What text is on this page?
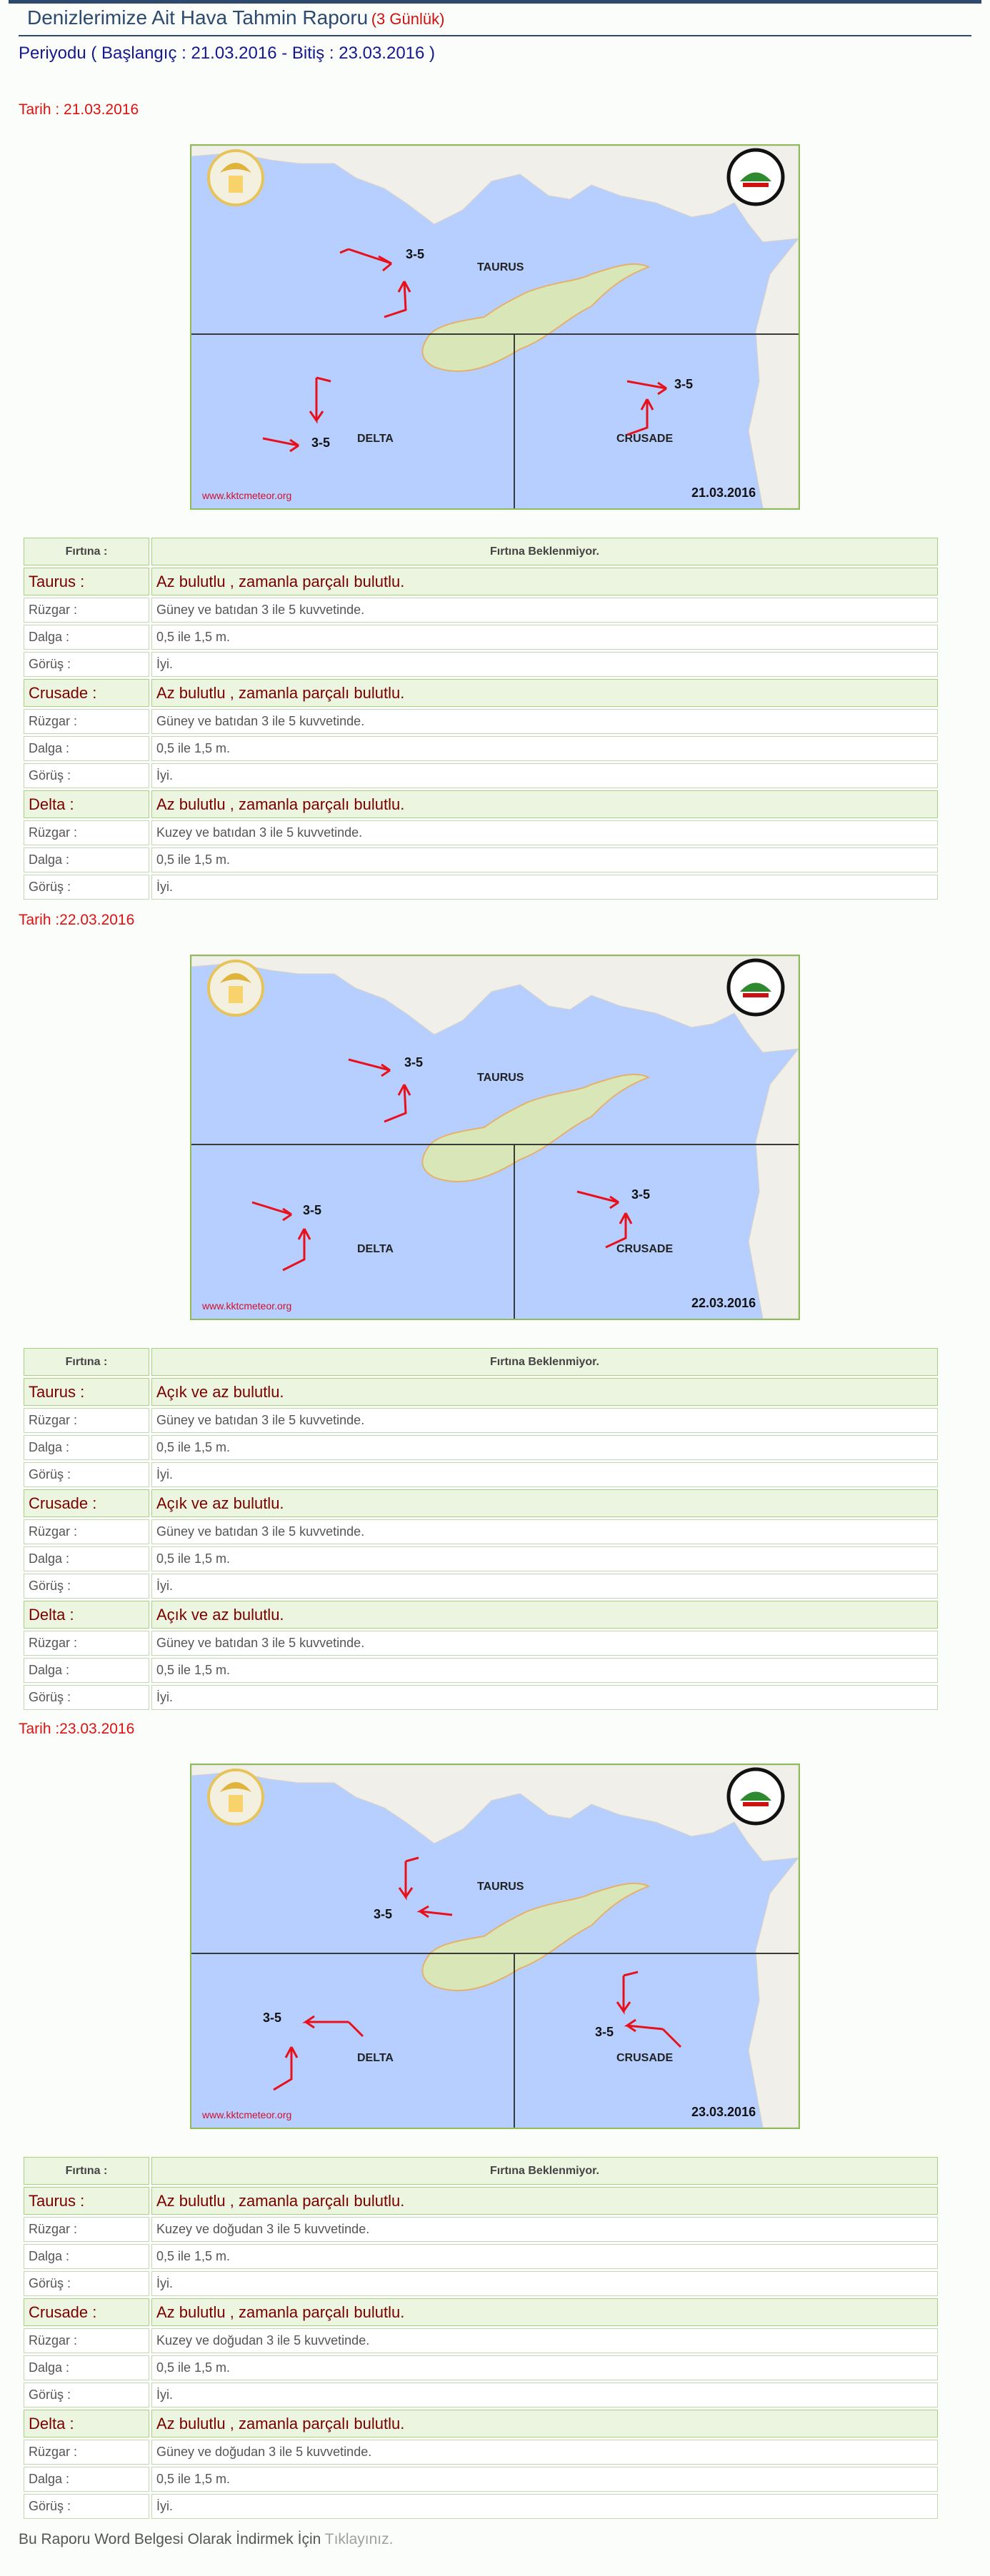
Denizlerimize Ait Hava Tahmin Raporu (3 Günlük)
Periyodu ( Başlangıç : 21.03.2016 - Bitiş : 23.03.2016 )
Bu Raporu Word Belgesi Olarak İndirmek İçin Tıklayınız.
Tarih : 21.03.2016
TAURUS
DELTA	CRUSADE
www.kktcmeteor.org	21.03.2016
3-5
3-5
3-5
Fırtına :	Fırtına Beklenmiyor.
Taurus :	Az bulutlu , zamanla parçalı bulutlu.
Rüzgar :	Güney ve batıdan 3 ile 5 kuvvetinde.
Dalga :	0,5 ile 1,5 m.
Görüş :	İyi.
Crusade :	Az bulutlu , zamanla parçalı bulutlu.
Rüzgar :	Güney ve batıdan 3 ile 5 kuvvetinde.
Dalga :	0,5 ile 1,5 m.
Görüş :	İyi.
Delta :	Az bulutlu , zamanla parçalı bulutlu.
Rüzgar :	Kuzey ve batıdan 3 ile 5 kuvvetinde.
Dalga :	0,5 ile 1,5 m.
Görüş :	İyi.
Tarih :22.03.2016
TAURUS
DELTA	CRUSADE
www.kktcmeteor.org	22.03.2016
3-5
3-5
3-5
Fırtına :	Fırtına Beklenmiyor.
Taurus :	Açık ve az bulutlu.
Rüzgar :	Güney ve batıdan 3 ile 5 kuvvetinde.
Dalga :	0,5 ile 1,5 m.
Görüş :	İyi.
Crusade :	Açık ve az bulutlu.
Rüzgar :	Güney ve batıdan 3 ile 5 kuvvetinde.
Dalga :	0,5 ile 1,5 m.
Görüş :	İyi.
Delta :	Açık ve az bulutlu.
Rüzgar :	Güney ve batıdan 3 ile 5 kuvvetinde.
Dalga :	0,5 ile 1,5 m.
Görüş :	İyi.
Tarih :23.03.2016
TAURUS
DELTA	CRUSADE
www.kktcmeteor.org	23.03.2016
3-5
3-5
3-5
Fırtına :	Fırtına Beklenmiyor.
Taurus :	Az bulutlu , zamanla parçalı bulutlu.
Rüzgar :	Kuzey ve doğudan 3 ile 5 kuvvetinde.
Dalga :	0,5 ile 1,5 m.
Görüş :	İyi.
Crusade :	Az bulutlu , zamanla parçalı bulutlu.
Rüzgar :	Kuzey ve doğudan 3 ile 5 kuvvetinde.
Dalga :	0,5 ile 1,5 m.
Görüş :	İyi.
Delta :	Az bulutlu , zamanla parçalı bulutlu.
Rüzgar :	Güney ve doğudan 3 ile 5 kuvvetinde.
Dalga :	0,5 ile 1,5 m.
Görüş :	İyi.
